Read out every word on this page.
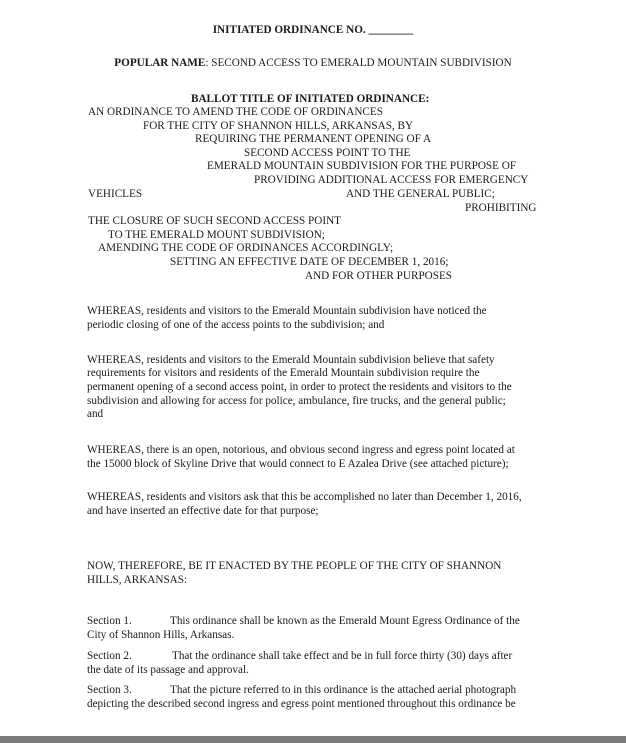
INITIATED ORDINANCE NO. ________
POPULAR NAME: SECOND ACCESS TO EMERALD MOUNTAIN SUBDIVISION
BALLOT TITLE OF INITIATED ORDINANCE:
AN ORDINANCE TO AMEND THE CODE OF ORDINANCES
FOR THE CITY OF SHANNON HILLS, ARKANSAS, BY
REQUIRING THE PERMANENT OPENING OF A
SECOND ACCESS POINT TO THE
EMERALD MOUNTAIN SUBDIVISION FOR THE PURPOSE OF
PROVIDING ADDITIONAL ACCESS FOR EMERGENCY
VEHICLES	AND THE GENERAL PUBLIC;
PROHIBITING
THE CLOSURE OF SUCH SECOND ACCESS POINT
TO THE EMERALD MOUNT SUBDIVISION;
AMENDING THE CODE OF ORDINANCES ACCORDINGLY;
SETTING AN EFFECTIVE DATE OF DECEMBER 1, 2016;
AND FOR OTHER PURPOSES
WHEREAS, residents and visitors to the Emerald Mountain subdivision have noticed the
periodic closing of one of the access points to the subdivision; and
WHEREAS, residents and visitors to the Emerald Mountain subdivision believe that safety
requirements for visitors and residents of the Emerald Mountain subdivision require the
permanent opening of a second access point, in order to protect the residents and visitors to the
subdivision and allowing for access for police, ambulance, fire trucks, and the general public;
and
WHEREAS, there is an open, notorious, and obvious second ingress and egress point located at
the 15000 block of Skyline Drive that would connect to E Azalea Drive (see attached picture);
WHEREAS, residents and visitors ask that this be accomplished no later than December 1, 2016,
and have inserted an effective date for that purpose;
NOW, THEREFORE, BE IT ENACTED BY THE PEOPLE OF THE CITY OF SHANNON
HILLS, ARKANSAS:
Section 1.	This ordinance shall be known as the Emerald Mount Egress Ordinance of the
City of Shannon Hills, Arkansas.
Section 2.	That the ordinance shall take effect and be in full force thirty (30) days after
the date of its passage and approval.
Section 3.	That the picture referred to in this ordinance is the attached aerial photograph
depicting the described second ingress and egress point mentioned throughout this ordinance be
